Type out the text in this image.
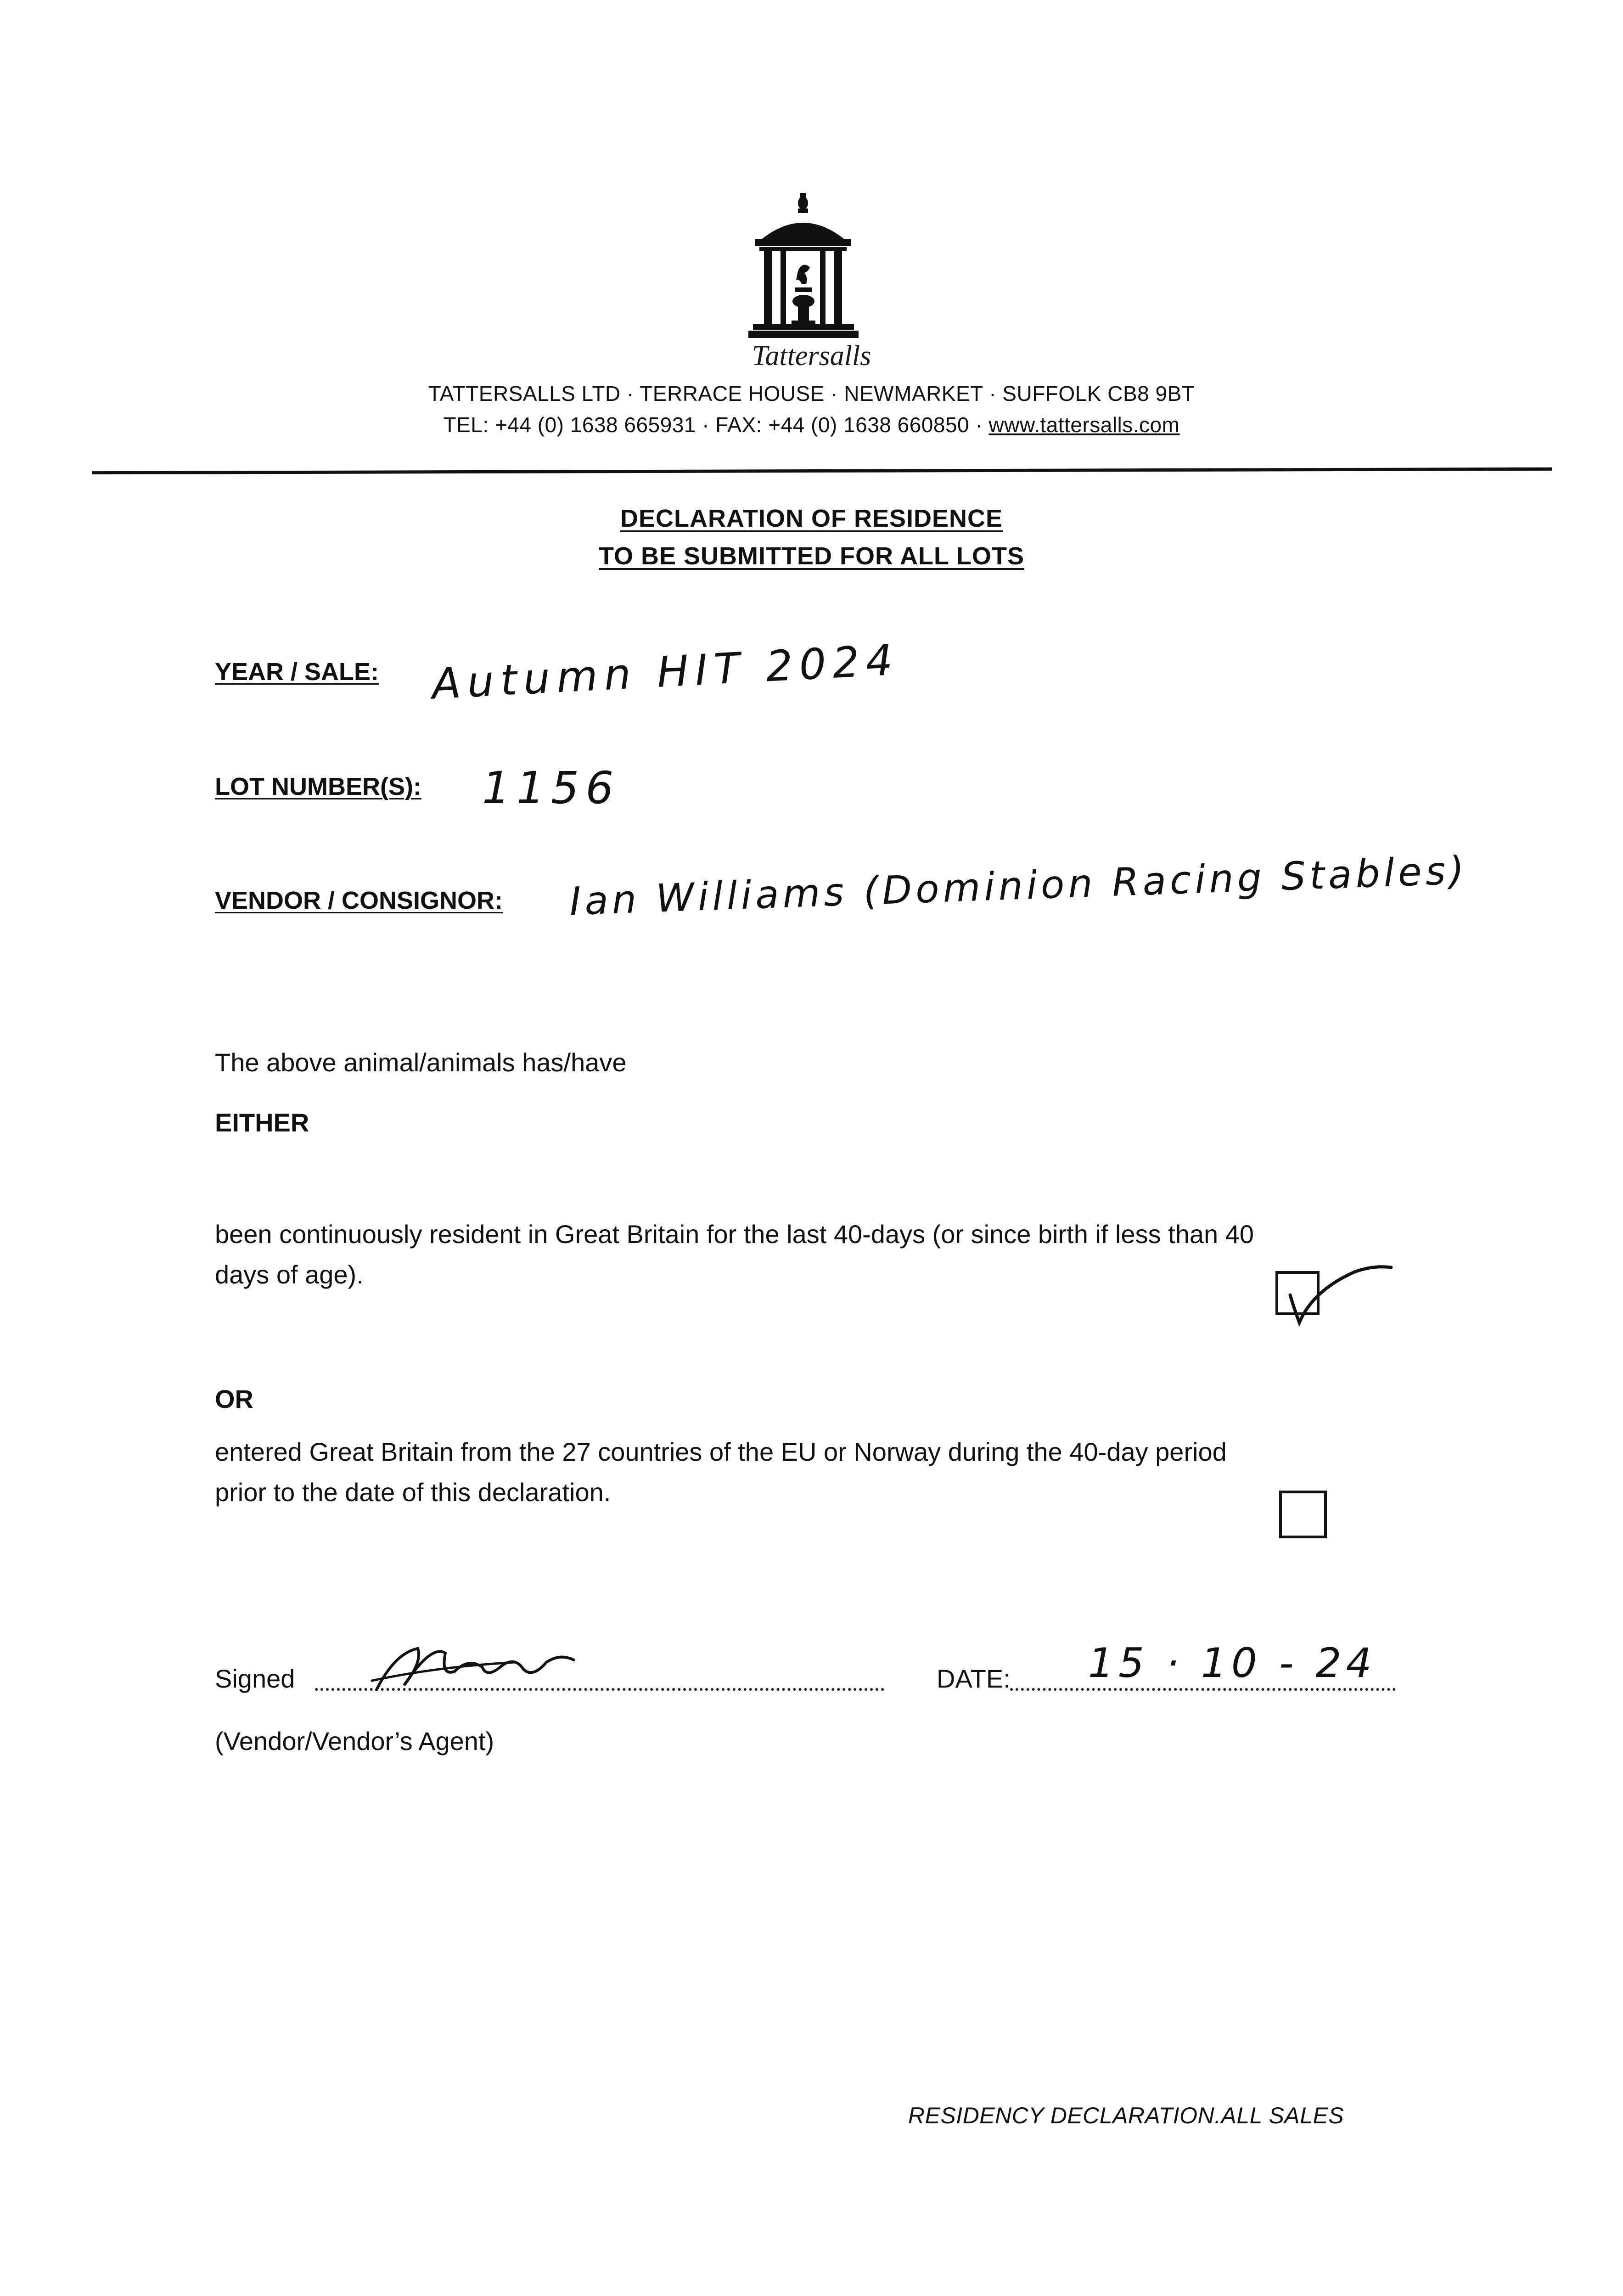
Tattersalls
TATTERSALLS LTD · TERRACE HOUSE · NEWMARKET · SUFFOLK CB8 9BT
TEL: +44 (0) 1638 665931 · FAX: +44 (0) 1638 660850 · www.tattersalls.com
DECLARATION OF RESIDENCE
TO BE SUBMITTED FOR ALL LOTS
YEAR / SALE: Autumn HIT 2024
LOT NUMBER(S): 1156
VENDOR / CONSIGNOR: Ian Williams (Dominion Racing Stables)
The above animal/animals has/have
EITHER
been continuously resident in Great Britain for the last 40-days (or since birth if less than 40
days of age).
OR
entered Great Britain from the 27 countries of the EU or Norway during the 40-day period
prior to the date of this declaration.
Signed	DATE: 15 · 10 - 24
(Vendor/Vendor’s Agent)
RESIDENCY DECLARATION.ALL SALES
